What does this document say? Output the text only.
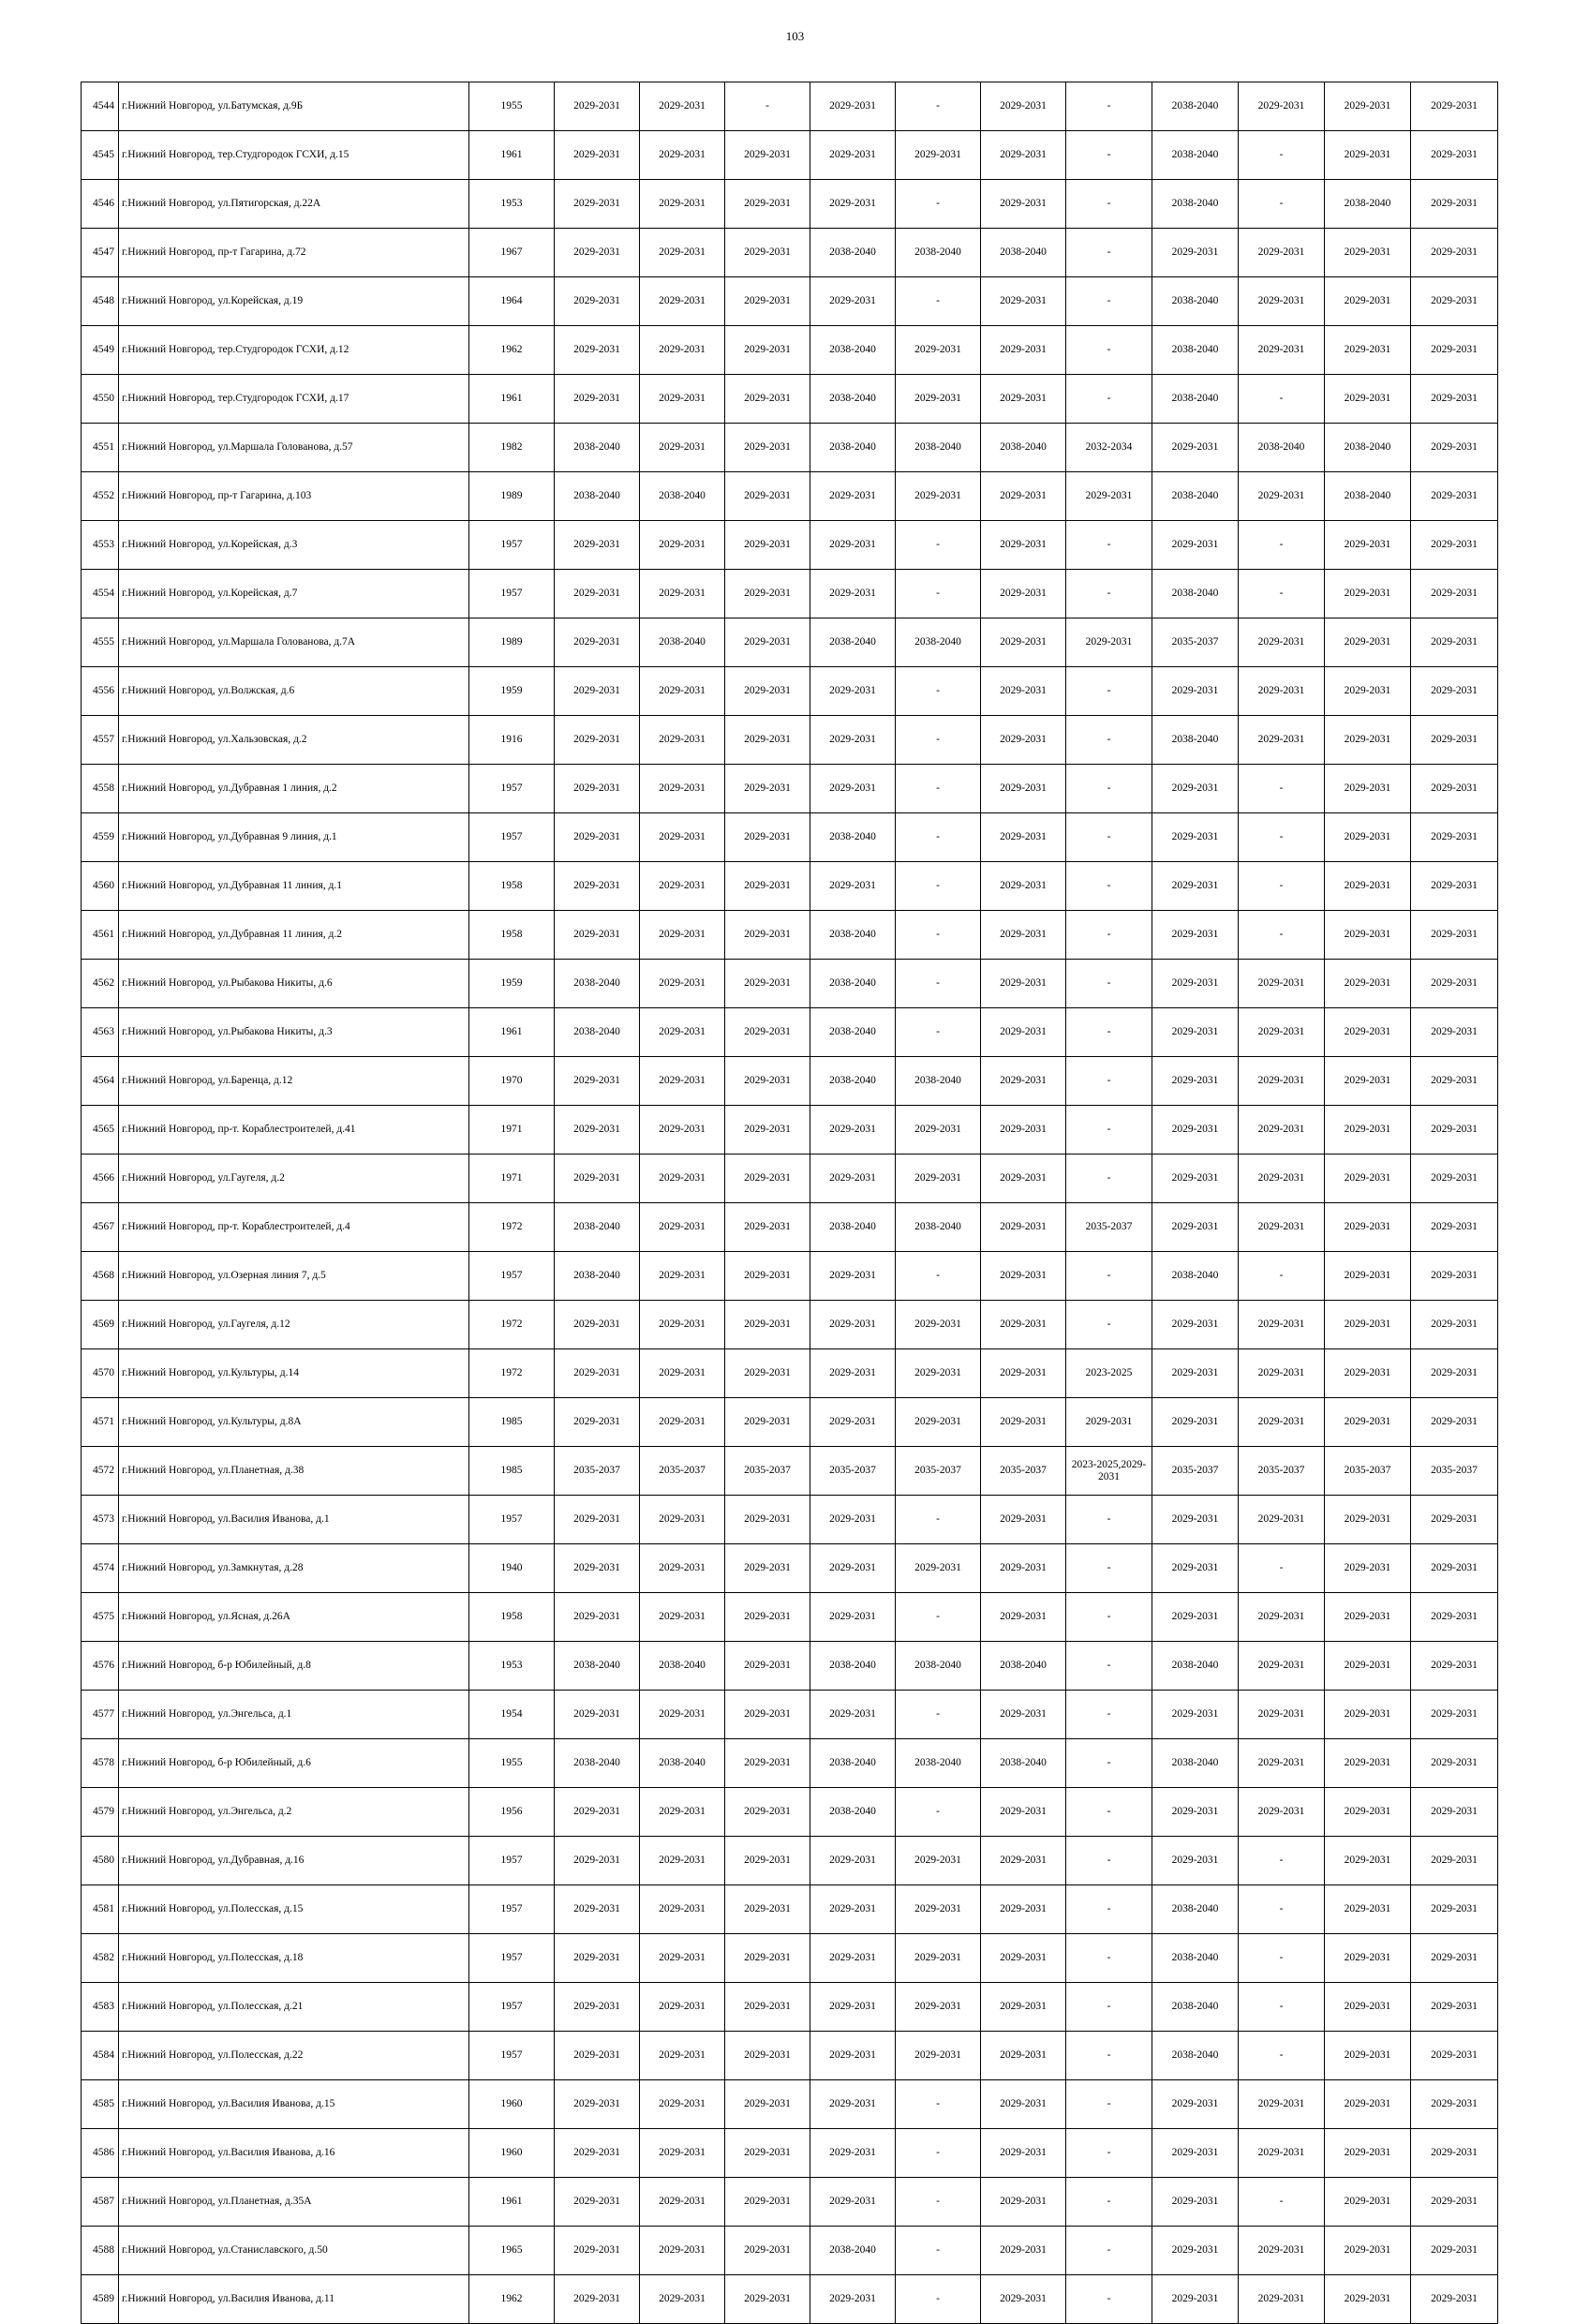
103
4544	г.Нижний Новгород, ул.Батумская, д.9Б	1955	2029-2031	2029-2031	-	2029-2031	-	2029-2031	-	2038-2040	2029-2031	2029-2031	2029-2031
4545	г.Нижний Новгород, тер.Студгородок ГСХИ, д.15	1961	2029-2031	2029-2031	2029-2031	2029-2031	2029-2031	2029-2031	-	2038-2040	-	2029-2031	2029-2031
4546	г.Нижний Новгород, ул.Пятигорская, д.22А	1953	2029-2031	2029-2031	2029-2031	2029-2031	-	2029-2031	-	2038-2040	-	2038-2040	2029-2031
4547	г.Нижний Новгород, пр-т Гагарина, д.72	1967	2029-2031	2029-2031	2029-2031	2038-2040	2038-2040	2038-2040	-	2029-2031	2029-2031	2029-2031	2029-2031
4548	г.Нижний Новгород, ул.Корейская, д.19	1964	2029-2031	2029-2031	2029-2031	2029-2031	-	2029-2031	-	2038-2040	2029-2031	2029-2031	2029-2031
4549	г.Нижний Новгород, тер.Студгородок ГСХИ, д.12	1962	2029-2031	2029-2031	2029-2031	2038-2040	2029-2031	2029-2031	-	2038-2040	2029-2031	2029-2031	2029-2031
4550	г.Нижний Новгород, тер.Студгородок ГСХИ, д.17	1961	2029-2031	2029-2031	2029-2031	2038-2040	2029-2031	2029-2031	-	2038-2040	-	2029-2031	2029-2031
4551	г.Нижний Новгород, ул.Маршала Голованова, д.57	1982	2038-2040	2029-2031	2029-2031	2038-2040	2038-2040	2038-2040	2032-2034	2029-2031	2038-2040	2038-2040	2029-2031
4552	г.Нижний Новгород, пр-т Гагарина, д.103	1989	2038-2040	2038-2040	2029-2031	2029-2031	2029-2031	2029-2031	2029-2031	2038-2040	2029-2031	2038-2040	2029-2031
4553	г.Нижний Новгород, ул.Корейская, д.3	1957	2029-2031	2029-2031	2029-2031	2029-2031	-	2029-2031	-	2029-2031	-	2029-2031	2029-2031
4554	г.Нижний Новгород, ул.Корейская, д.7	1957	2029-2031	2029-2031	2029-2031	2029-2031	-	2029-2031	-	2038-2040	-	2029-2031	2029-2031
4555	г.Нижний Новгород, ул.Маршала Голованова, д.7А	1989	2029-2031	2038-2040	2029-2031	2038-2040	2038-2040	2029-2031	2029-2031	2035-2037	2029-2031	2029-2031	2029-2031
4556	г.Нижний Новгород, ул.Волжская, д.6	1959	2029-2031	2029-2031	2029-2031	2029-2031	-	2029-2031	-	2029-2031	2029-2031	2029-2031	2029-2031
4557	г.Нижний Новгород, ул.Хальзовская, д.2	1916	2029-2031	2029-2031	2029-2031	2029-2031	-	2029-2031	-	2038-2040	2029-2031	2029-2031	2029-2031
4558	г.Нижний Новгород, ул.Дубравная 1 линия, д.2	1957	2029-2031	2029-2031	2029-2031	2029-2031	-	2029-2031	-	2029-2031	-	2029-2031	2029-2031
4559	г.Нижний Новгород, ул.Дубравная 9 линия, д.1	1957	2029-2031	2029-2031	2029-2031	2038-2040	-	2029-2031	-	2029-2031	-	2029-2031	2029-2031
4560	г.Нижний Новгород, ул.Дубравная 11 линия, д.1	1958	2029-2031	2029-2031	2029-2031	2029-2031	-	2029-2031	-	2029-2031	-	2029-2031	2029-2031
4561	г.Нижний Новгород, ул.Дубравная 11 линия, д.2	1958	2029-2031	2029-2031	2029-2031	2038-2040	-	2029-2031	-	2029-2031	-	2029-2031	2029-2031
4562	г.Нижний Новгород, ул.Рыбакова Никиты, д.6	1959	2038-2040	2029-2031	2029-2031	2038-2040	-	2029-2031	-	2029-2031	2029-2031	2029-2031	2029-2031
4563	г.Нижний Новгород, ул.Рыбакова Никиты, д.3	1961	2038-2040	2029-2031	2029-2031	2038-2040	-	2029-2031	-	2029-2031	2029-2031	2029-2031	2029-2031
4564	г.Нижний Новгород, ул.Баренца, д.12	1970	2029-2031	2029-2031	2029-2031	2038-2040	2038-2040	2029-2031	-	2029-2031	2029-2031	2029-2031	2029-2031
4565	г.Нижний Новгород, пр-т. Кораблестроителей, д.41	1971	2029-2031	2029-2031	2029-2031	2029-2031	2029-2031	2029-2031	-	2029-2031	2029-2031	2029-2031	2029-2031
4566	г.Нижний Новгород, ул.Гаугеля, д.2	1971	2029-2031	2029-2031	2029-2031	2029-2031	2029-2031	2029-2031	-	2029-2031	2029-2031	2029-2031	2029-2031
4567	г.Нижний Новгород, пр-т. Кораблестроителей, д.4	1972	2038-2040	2029-2031	2029-2031	2038-2040	2038-2040	2029-2031	2035-2037	2029-2031	2029-2031	2029-2031	2029-2031
4568	г.Нижний Новгород, ул.Озерная линия 7, д.5	1957	2038-2040	2029-2031	2029-2031	2029-2031	-	2029-2031	-	2038-2040	-	2029-2031	2029-2031
4569	г.Нижний Новгород, ул.Гаугеля, д.12	1972	2029-2031	2029-2031	2029-2031	2029-2031	2029-2031	2029-2031	-	2029-2031	2029-2031	2029-2031	2029-2031
4570	г.Нижний Новгород, ул.Культуры, д.14	1972	2029-2031	2029-2031	2029-2031	2029-2031	2029-2031	2029-2031	2023-2025	2029-2031	2029-2031	2029-2031	2029-2031
4571	г.Нижний Новгород, ул.Культуры, д.8А	1985	2029-2031	2029-2031	2029-2031	2029-2031	2029-2031	2029-2031	2029-2031	2029-2031	2029-2031	2029-2031	2029-2031
4572	г.Нижний Новгород, ул.Планетная, д.38	1985	2035-2037	2035-2037	2035-2037	2035-2037	2035-2037	2035-2037	2023-2025,2029-2031	2035-2037	2035-2037	2035-2037	2035-2037
4573	г.Нижний Новгород, ул.Василия Иванова, д.1	1957	2029-2031	2029-2031	2029-2031	2029-2031	-	2029-2031	-	2029-2031	2029-2031	2029-2031	2029-2031
4574	г.Нижний Новгород, ул.Замкнутая, д.28	1940	2029-2031	2029-2031	2029-2031	2029-2031	2029-2031	2029-2031	-	2029-2031	-	2029-2031	2029-2031
4575	г.Нижний Новгород, ул.Ясная, д.26А	1958	2029-2031	2029-2031	2029-2031	2029-2031	-	2029-2031	-	2029-2031	2029-2031	2029-2031	2029-2031
4576	г.Нижний Новгород, б-р Юбилейный, д.8	1953	2038-2040	2038-2040	2029-2031	2038-2040	2038-2040	2038-2040	-	2038-2040	2029-2031	2029-2031	2029-2031
4577	г.Нижний Новгород, ул.Энгельса, д.1	1954	2029-2031	2029-2031	2029-2031	2029-2031	-	2029-2031	-	2029-2031	2029-2031	2029-2031	2029-2031
4578	г.Нижний Новгород, б-р Юбилейный, д.6	1955	2038-2040	2038-2040	2029-2031	2038-2040	2038-2040	2038-2040	-	2038-2040	2029-2031	2029-2031	2029-2031
4579	г.Нижний Новгород, ул.Энгельса, д.2	1956	2029-2031	2029-2031	2029-2031	2038-2040	-	2029-2031	-	2029-2031	2029-2031	2029-2031	2029-2031
4580	г.Нижний Новгород, ул.Дубравная, д.16	1957	2029-2031	2029-2031	2029-2031	2029-2031	2029-2031	2029-2031	-	2029-2031	-	2029-2031	2029-2031
4581	г.Нижний Новгород, ул.Полесская, д.15	1957	2029-2031	2029-2031	2029-2031	2029-2031	2029-2031	2029-2031	-	2038-2040	-	2029-2031	2029-2031
4582	г.Нижний Новгород, ул.Полесская, д.18	1957	2029-2031	2029-2031	2029-2031	2029-2031	2029-2031	2029-2031	-	2038-2040	-	2029-2031	2029-2031
4583	г.Нижний Новгород, ул.Полесская, д.21	1957	2029-2031	2029-2031	2029-2031	2029-2031	2029-2031	2029-2031	-	2038-2040	-	2029-2031	2029-2031
4584	г.Нижний Новгород, ул.Полесская, д.22	1957	2029-2031	2029-2031	2029-2031	2029-2031	2029-2031	2029-2031	-	2038-2040	-	2029-2031	2029-2031
4585	г.Нижний Новгород, ул.Василия Иванова, д.15	1960	2029-2031	2029-2031	2029-2031	2029-2031	-	2029-2031	-	2029-2031	2029-2031	2029-2031	2029-2031
4586	г.Нижний Новгород, ул.Василия Иванова, д.16	1960	2029-2031	2029-2031	2029-2031	2029-2031	-	2029-2031	-	2029-2031	2029-2031	2029-2031	2029-2031
4587	г.Нижний Новгород, ул.Планетная, д.35А	1961	2029-2031	2029-2031	2029-2031	2029-2031	-	2029-2031	-	2029-2031	-	2029-2031	2029-2031
4588	г.Нижний Новгород, ул.Станиславского, д.50	1965	2029-2031	2029-2031	2029-2031	2038-2040	-	2029-2031	-	2029-2031	2029-2031	2029-2031	2029-2031
4589	г.Нижний Новгород, ул.Василия Иванова, д.11	1962	2029-2031	2029-2031	2029-2031	2029-2031	-	2029-2031	-	2029-2031	2029-2031	2029-2031	2029-2031
